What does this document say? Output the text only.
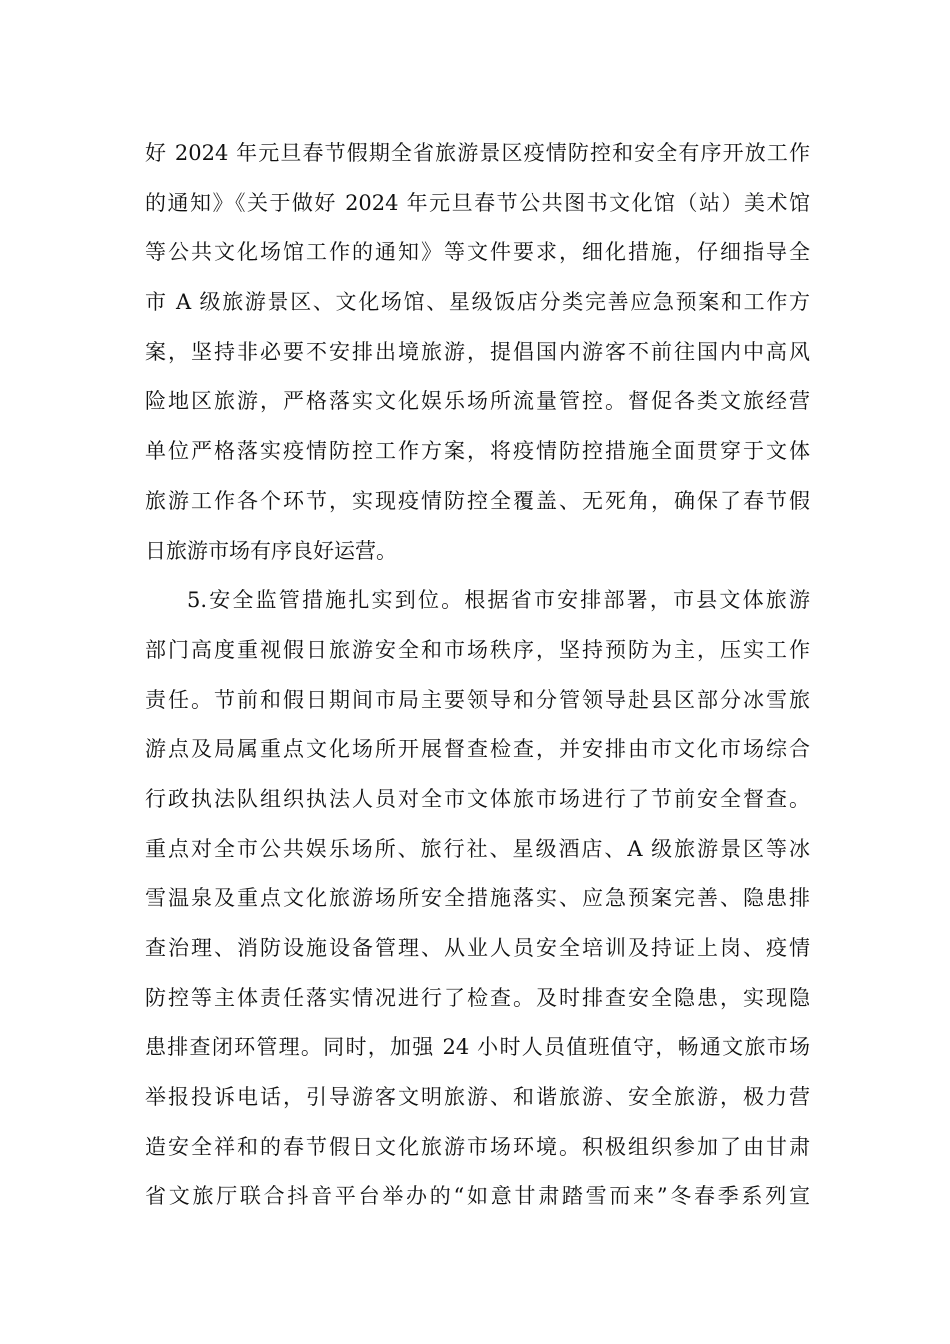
好 2024 年元旦春节假期全省旅游景区疫情防控和安全有序开放工作
的通知》《关于做好 2024 年元旦春节公共图书文化馆（站）美术馆
等公共文化场馆工作的通知》等文件要求，细化措施，仔细指导全
市 A 级旅游景区、文化场馆、星级饭店分类完善应急预案和工作方
案，坚持非必要不安排出境旅游，提倡国内游客不前往国内中高风
险地区旅游，严格落实文化娱乐场所流量管控。督促各类文旅经营
单位严格落实疫情防控工作方案，将疫情防控措施全面贯穿于文体
旅游工作各个环节，实现疫情防控全覆盖、无死角，确保了春节假
日旅游市场有序良好运营。
5.安全监管措施扎实到位。根据省市安排部署，市县文体旅游
部门高度重视假日旅游安全和市场秩序，坚持预防为主，压实工作
责任。节前和假日期间市局主要领导和分管领导赴县区部分冰雪旅
游点及局属重点文化场所开展督查检查，并安排由市文化市场综合
行政执法队组织执法人员对全市文体旅市场进行了节前安全督查。
重点对全市公共娱乐场所、旅行社、星级酒店、A 级旅游景区等冰
雪温泉及重点文化旅游场所安全措施落实、应急预案完善、隐患排
查治理、消防设施设备管理、从业人员安全培训及持证上岗、疫情
防控等主体责任落实情况进行了检查。及时排查安全隐患，实现隐
患排查闭环管理。同时，加强 24 小时人员值班值守，畅通文旅市场
举报投诉电话，引导游客文明旅游、和谐旅游、安全旅游，极力营
造安全祥和的春节假日文化旅游市场环境。积极组织参加了由甘肃
省文旅厅联合抖音平台举办的“如意甘肃踏雪而来”冬春季系列宣
